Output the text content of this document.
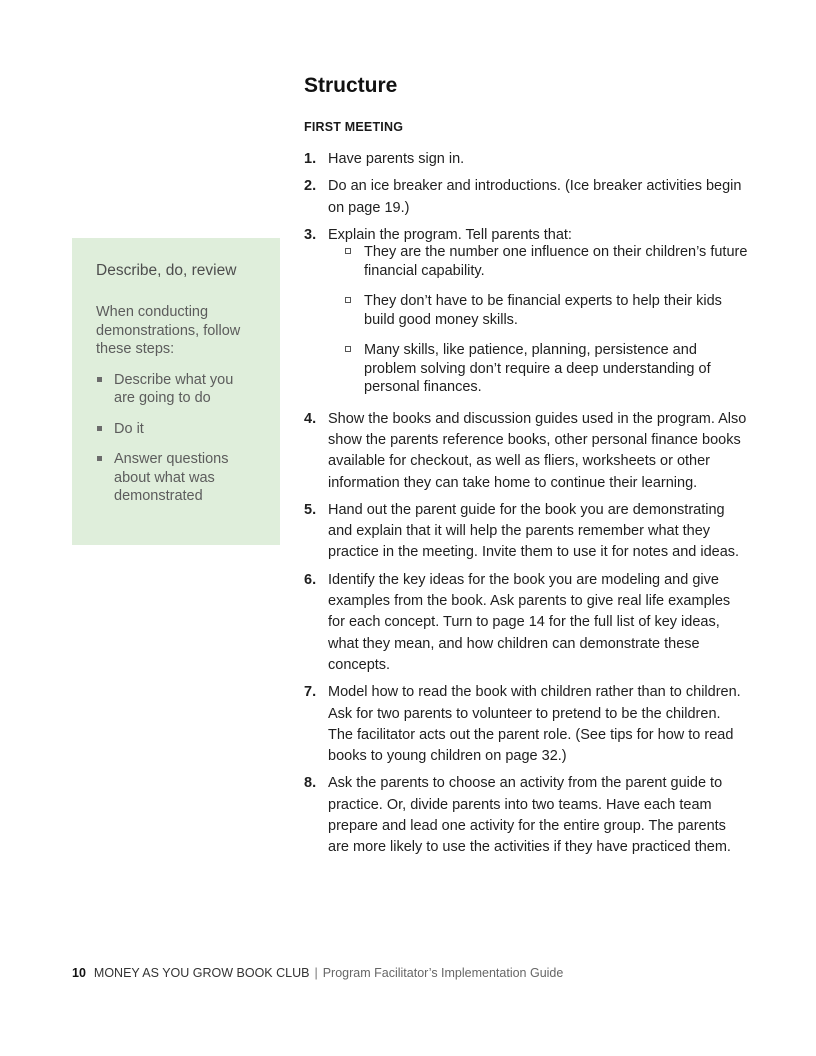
Describe, do, review
When conducting demonstrations, follow these steps:
Describe what you are going to do
Do it
Answer questions about what was demonstrated
Structure
FIRST MEETING
1. Have parents sign in.
2. Do an ice breaker and introductions. (Ice breaker activities begin on page 19.)
3. Explain the program. Tell parents that:
They are the number one influence on their children’s future financial capability.
They don’t have to be financial experts to help their kids build good money skills.
Many skills, like patience, planning, persistence and problem solving don’t require a deep understanding of personal finances.
4. Show the books and discussion guides used in the program. Also show the parents reference books, other personal finance books available for checkout, as well as fliers, worksheets or other information they can take home to continue their learning.
5. Hand out the parent guide for the book you are demonstrating and explain that it will help the parents remember what they practice in the meeting. Invite them to use it for notes and ideas.
6. Identify the key ideas for the book you are modeling and give examples from the book. Ask parents to give real life examples for each concept. Turn to page 14 for the full list of key ideas, what they mean, and how children can demonstrate these concepts.
7. Model how to read the book with children rather than to children. Ask for two parents to volunteer to pretend to be the children. The facilitator acts out the parent role. (See tips for how to read books to young children on page 32.)
8. Ask the parents to choose an activity from the parent guide to practice. Or, divide parents into two teams. Have each team prepare and lead one activity for the entire group. The parents are more likely to use the activities if they have practiced them.
10 MONEY AS YOU GROW BOOK CLUB | Program Facilitator’s Implementation Guide
